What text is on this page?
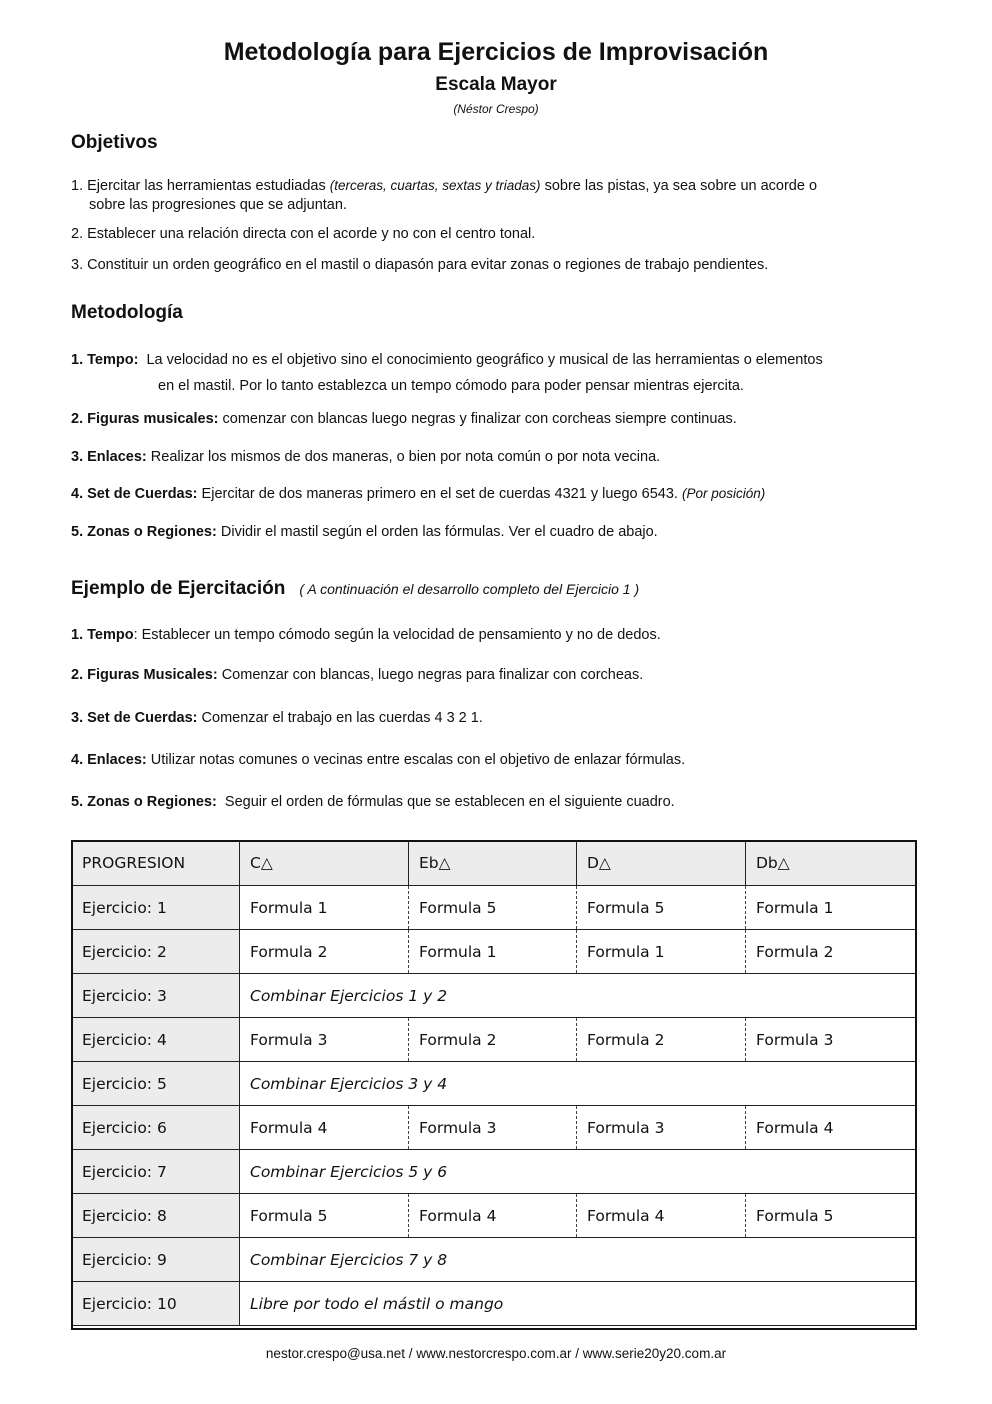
Metodología para Ejercicios de Improvisación
Escala Mayor
(Néstor Crespo)
Objetivos
1. Ejercitar las herramientas estudiadas (terceras, cuartas, sextas y triadas) sobre las pistas, ya sea sobre un acorde o
sobre las progresiones que se adjuntan.
2. Establecer una relación directa con el acorde y no con el centro tonal.
3. Constituir un orden geográfico en el mastil o diapasón para evitar zonas o regiones de trabajo pendientes.
Metodología
1. Tempo: La velocidad no es el objetivo sino el conocimiento geográfico y musical de las herramientas o elementos
en el mastil. Por lo tanto establezca un tempo cómodo para poder pensar mientras ejercita.
2. Figuras musicales: comenzar con blancas luego negras y finalizar con corcheas siempre continuas.
3. Enlaces: Realizar los mismos de dos maneras, o bien por nota común o por nota vecina.
4. Set de Cuerdas: Ejercitar de dos maneras primero en el set de cuerdas 4321 y luego 6543. (Por posición)
5. Zonas o Regiones: Dividir el mastil según el orden las fórmulas. Ver el cuadro de abajo.
Ejemplo de Ejercitación ( A continuación el desarrollo completo del Ejercicio 1 )
1. Tempo: Establecer un tempo cómodo según la velocidad de pensamiento y no de dedos.
2. Figuras Musicales: Comenzar con blancas, luego negras para finalizar con corcheas.
3. Set de Cuerdas: Comenzar el trabajo en las cuerdas 4 3 2 1.
4. Enlaces: Utilizar notas comunes o vecinas entre escalas con el objetivo de enlazar fórmulas.
5. Zonas o Regiones: Seguir el orden de fórmulas que se establecen en el siguiente cuadro.
PROGRESION	C△	Eb△	D△	Db△
Ejercicio: 1	Formula 1	Formula 5	Formula 5	Formula 1
Ejercicio: 2	Formula 2	Formula 1	Formula 1	Formula 2
Ejercicio: 3	Combinar Ejercicios 1 y 2			
Ejercicio: 4	Formula 3	Formula 2	Formula 2	Formula 3
Ejercicio: 5	Combinar Ejercicios 3 y 4			
Ejercicio: 6	Formula 4	Formula 3	Formula 3	Formula 4
Ejercicio: 7	Combinar Ejercicios 5 y 6			
Ejercicio: 8	Formula 5	Formula 4	Formula 4	Formula 5
Ejercicio: 9	Combinar Ejercicios 7 y 8			
Ejercicio: 10	Libre por todo el mástil o mango			
nestor.crespo@usa.net / www.nestorcrespo.com.ar / www.serie20y20.com.ar
